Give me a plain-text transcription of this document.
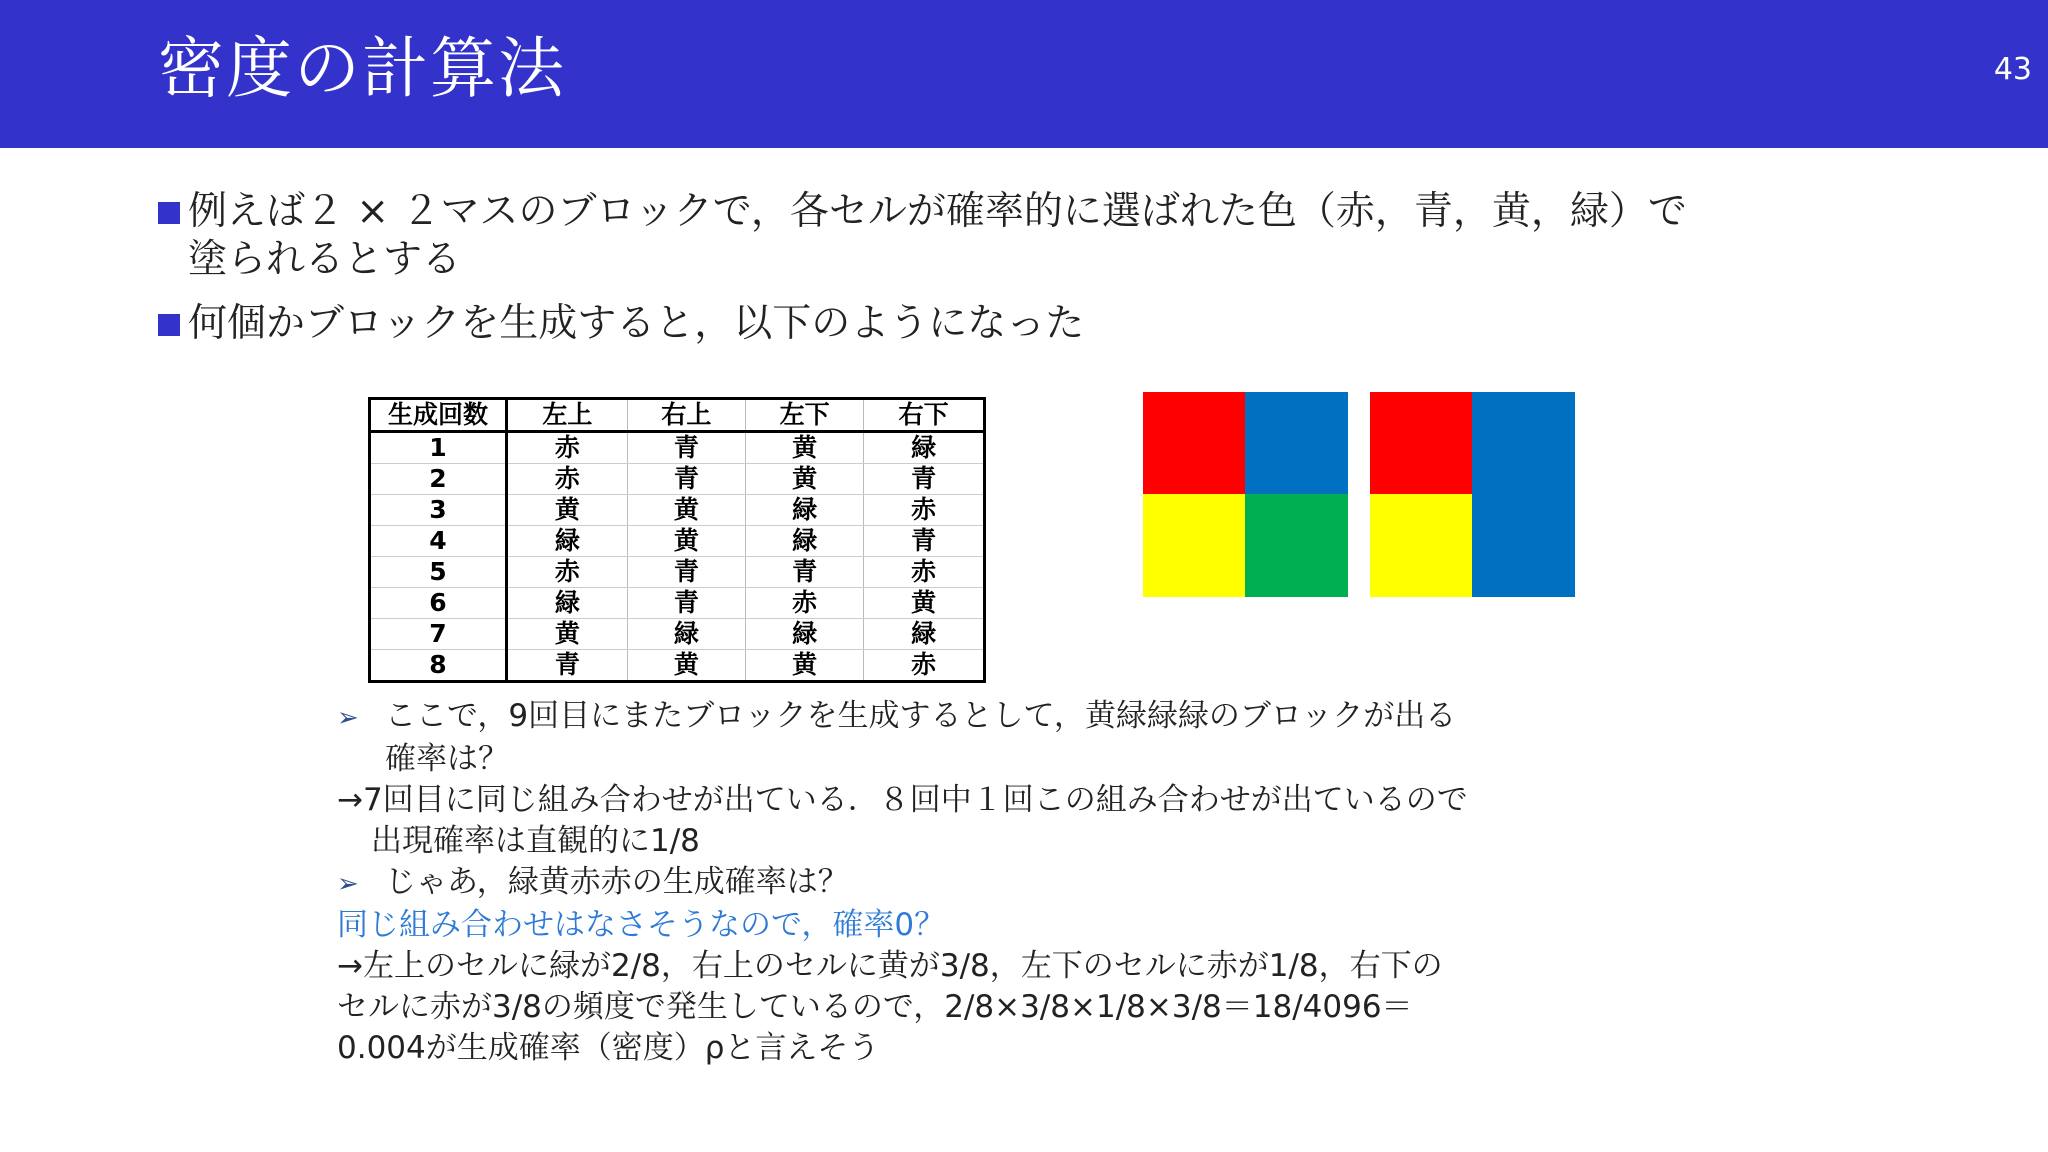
密度の計算法	43
例えば２ × ２マスのブロックで，各セルが確率的に選ばれた色（赤，青，黄，緑）で
塗られるとする
何個かブロックを生成すると，以下のようになった
生成回数	左上	右上	左下	右下
1	赤	青	黄	緑
2	赤	青	黄	青
3	黄	黄	緑	赤
4	緑	黄	緑	青
5	赤	青	青	赤
6	緑	青	赤	黄
7	黄	緑	緑	緑
8	青	黄	黄	赤
➢ ここで，9回目にまたブロックを生成するとして，黄緑緑緑のブロックが出る
確率は？
→7回目に同じ組み合わせが出ている．８回中１回この組み合わせが出ているので
出現確率は直観的に1/8
➢ じゃあ，緑黄赤赤の生成確率は？
同じ組み合わせはなさそうなので，確率0？
→左上のセルに緑が2/8，右上のセルに黄が3/8，左下のセルに赤が1/8，右下の
セルに赤が3/8の頻度で発生しているので，2/8×3/8×1/8×3/8＝18/4096＝
0.004が生成確率（密度）ρと言えそう
